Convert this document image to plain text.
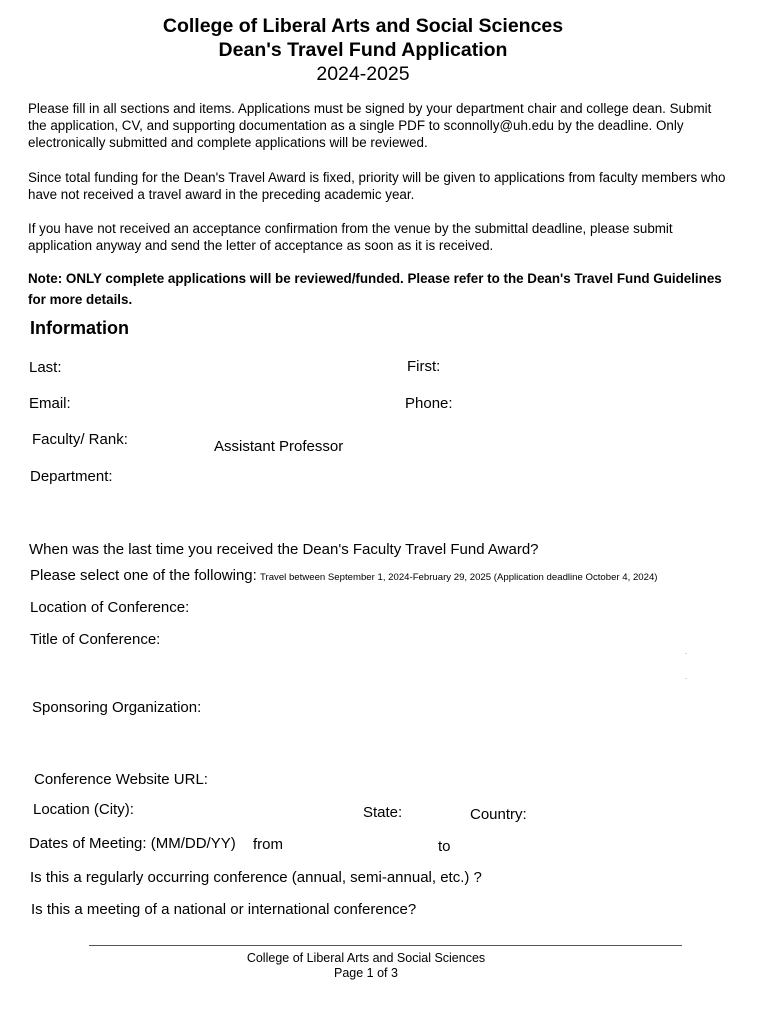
College of Liberal Arts and Social Sciences
Dean's Travel Fund Application
2024-2025
Please fill in all sections and items. Applications must be signed by your department chair and college dean. Submit the application, CV, and supporting documentation as a single PDF to sconnolly@uh.edu by the deadline. Only electronically submitted and complete applications will be reviewed.
Since total funding for the Dean's Travel Award is fixed, priority will be given to applications from faculty members who have not received a travel award in the preceding academic year.
If you have not received an acceptance confirmation from the venue by the submittal deadline, please submit application anyway and send the letter of acceptance as soon as it is received.
Note: ONLY complete applications will be reviewed/funded. Please refer to the Dean's Travel Fund Guidelines for more details.
Information
Last:	First:
Email:	Phone:
Faculty/ Rank:	Assistant Professor
Department:
When was the last time you received the Dean's Faculty Travel Fund Award?
Please select one of the following: Travel between September 1, 2024-February 29, 2025 (Application deadline October 4, 2024)
Location of Conference:
Title of Conference:
.
.
Sponsoring Organization:
Conference Website URL:
Location (City):	State:	Country:
Dates of Meeting: (MM/DD/YY) from	to
Is this a regularly occurring conference (annual, semi-annual, etc.) ?
Is this a meeting of a national or international conference?
College of Liberal Arts and Social Sciences
Page 1 of 3
